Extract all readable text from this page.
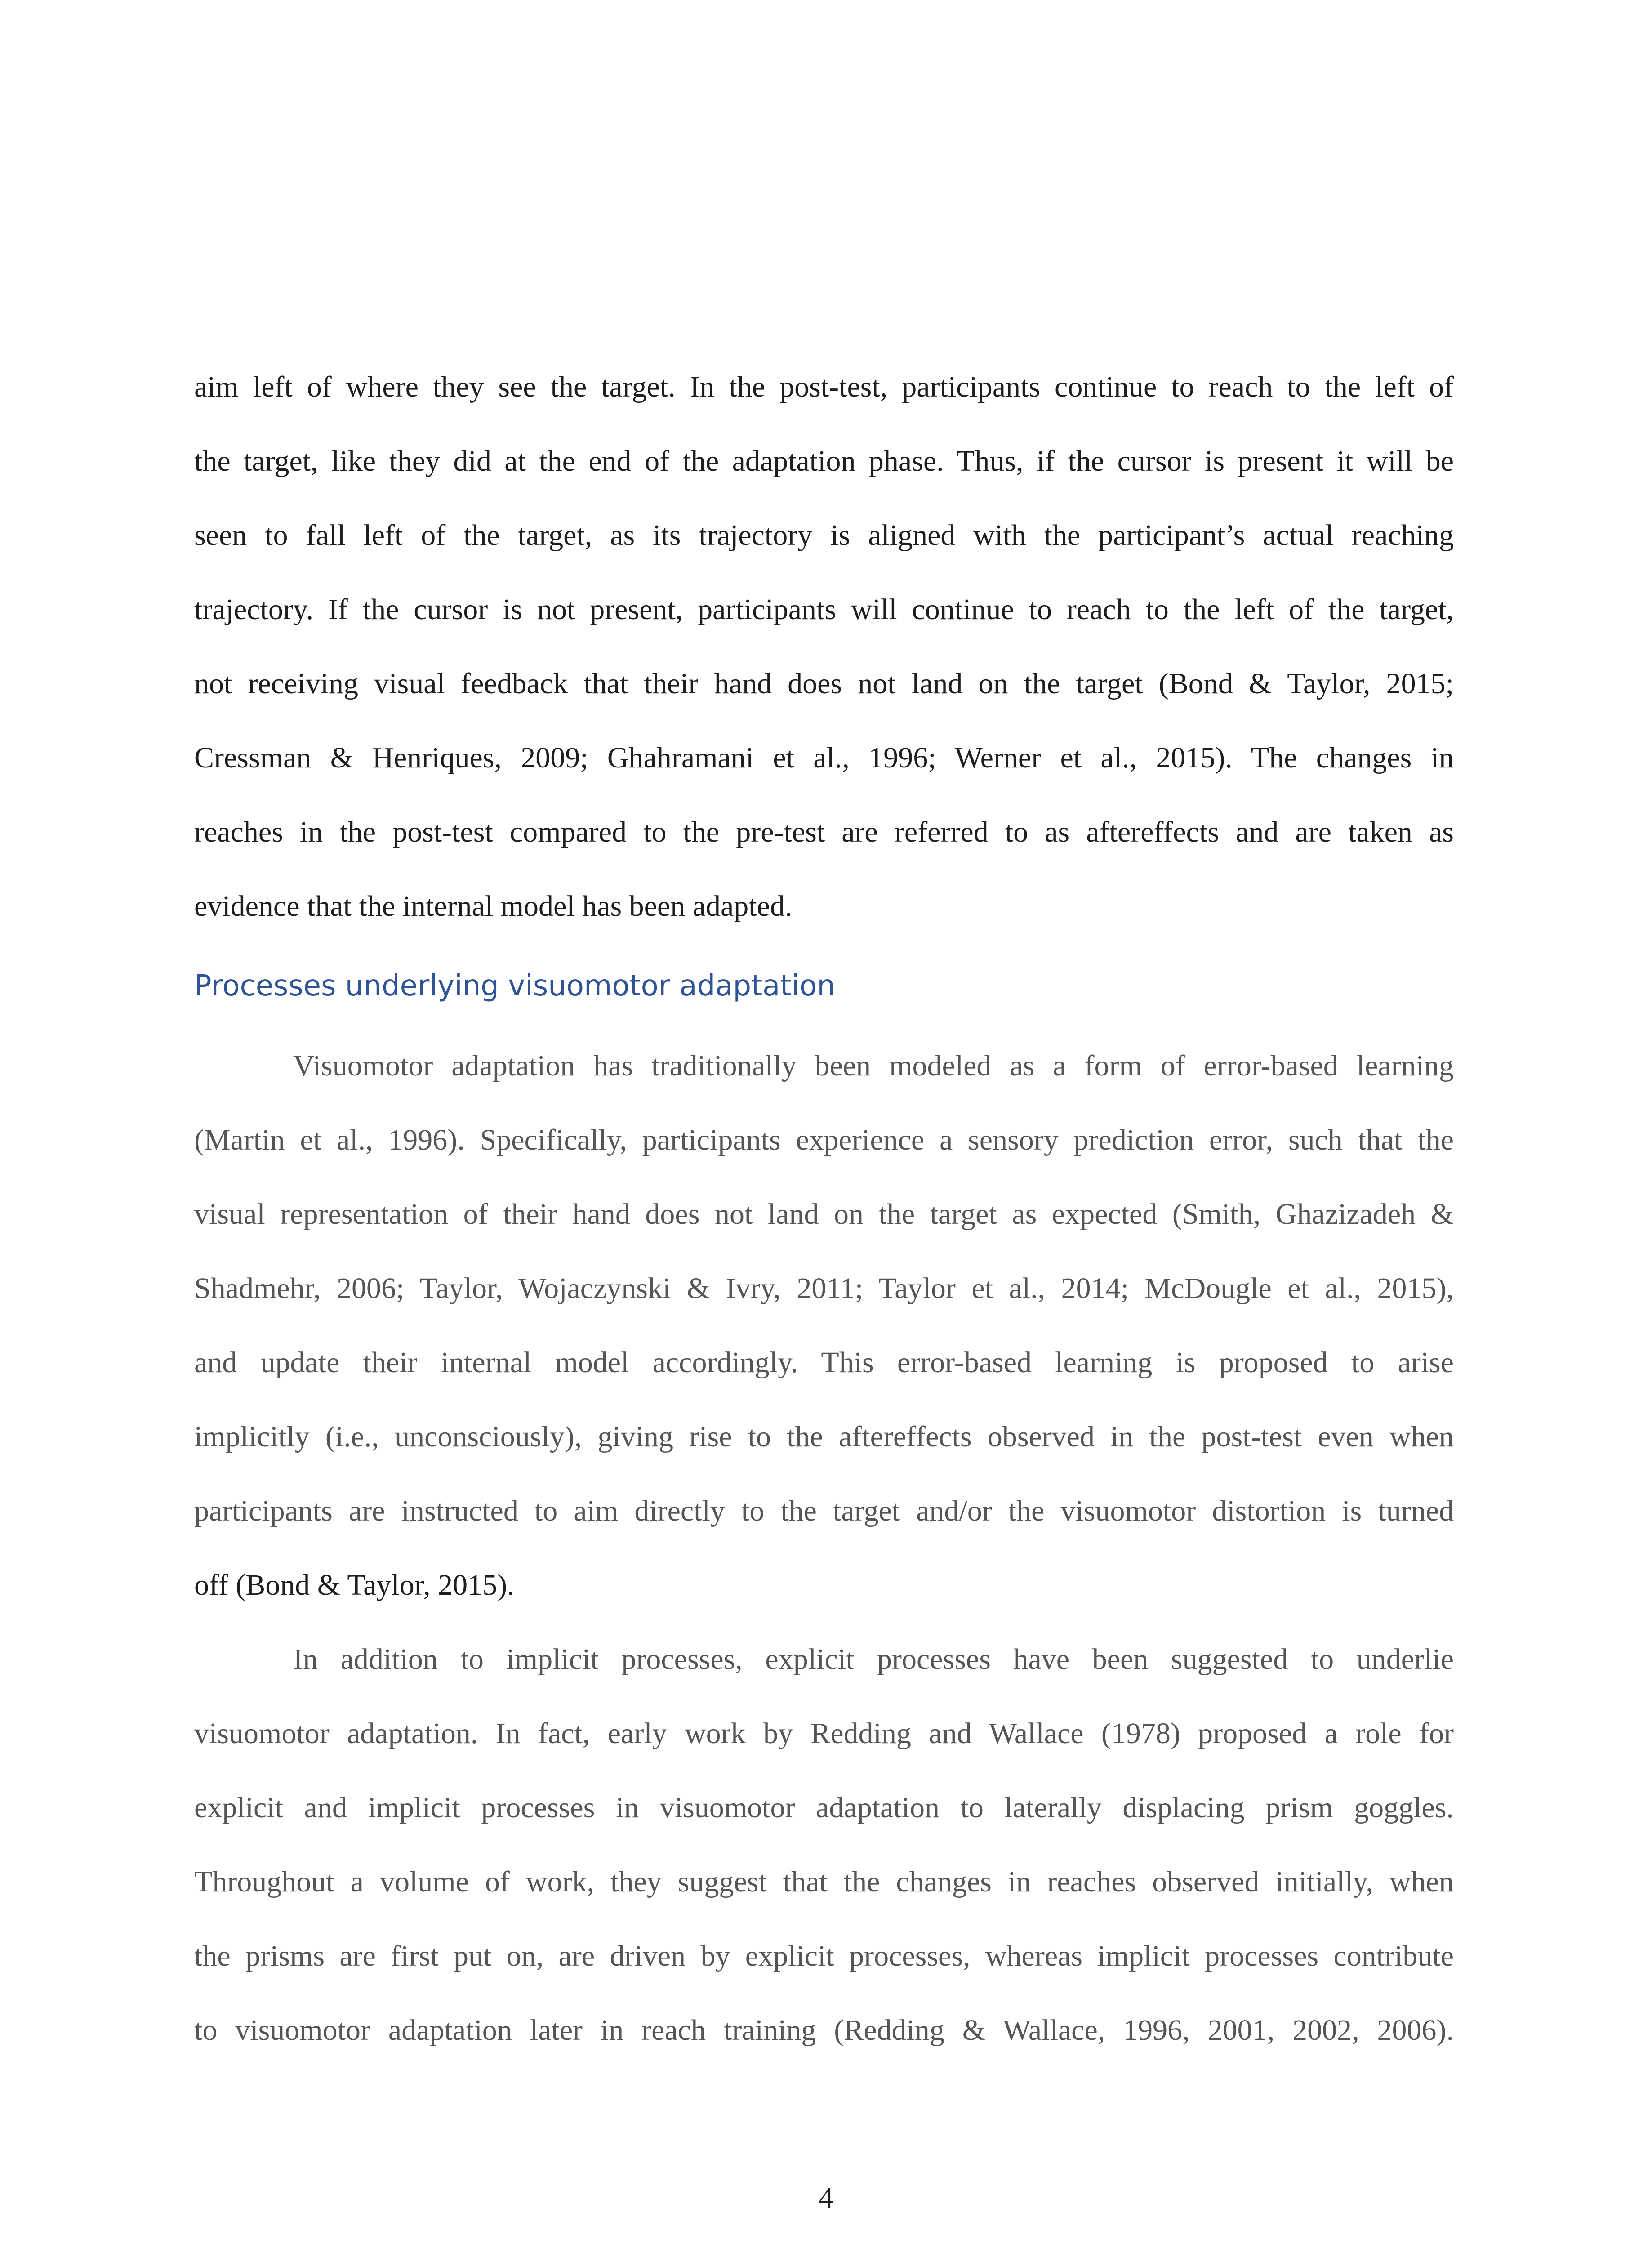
aim left of where they see the target. In the post-test, participants continue to reach to the left of
the target, like they did at the end of the adaptation phase. Thus, if the cursor is present it will be
seen to fall left of the target, as its trajectory is aligned with the participant’s actual reaching
trajectory. If the cursor is not present, participants will continue to reach to the left of the target,
not receiving visual feedback that their hand does not land on the target (Bond & Taylor, 2015;
Cressman & Henriques, 2009; Ghahramani et al., 1996; Werner et al., 2015). The changes in
reaches in the post-test compared to the pre-test are referred to as aftereffects and are taken as
evidence that the internal model has been adapted.
Processes underlying visuomotor adaptation
Visuomotor adaptation has traditionally been modeled as a form of error-based learning
(Martin et al., 1996). Specifically, participants experience a sensory prediction error, such that the
visual representation of their hand does not land on the target as expected (Smith, Ghazizadeh &
Shadmehr, 2006; Taylor, Wojaczynski & Ivry, 2011; Taylor et al., 2014; McDougle et al., 2015),
and update their internal model accordingly. This error-based learning is proposed to arise
implicitly (i.e., unconsciously), giving rise to the aftereffects observed in the post-test even when
participants are instructed to aim directly to the target and/or the visuomotor distortion is turned
off (Bond & Taylor, 2015).
In addition to implicit processes, explicit processes have been suggested to underlie
visuomotor adaptation. In fact, early work by Redding and Wallace (1978) proposed a role for
explicit and implicit processes in visuomotor adaptation to laterally displacing prism goggles.
Throughout a volume of work, they suggest that the changes in reaches observed initially, when
the prisms are first put on, are driven by explicit processes, whereas implicit processes contribute
to visuomotor adaptation later in reach training (Redding & Wallace, 1996, 2001, 2002, 2006).
4
